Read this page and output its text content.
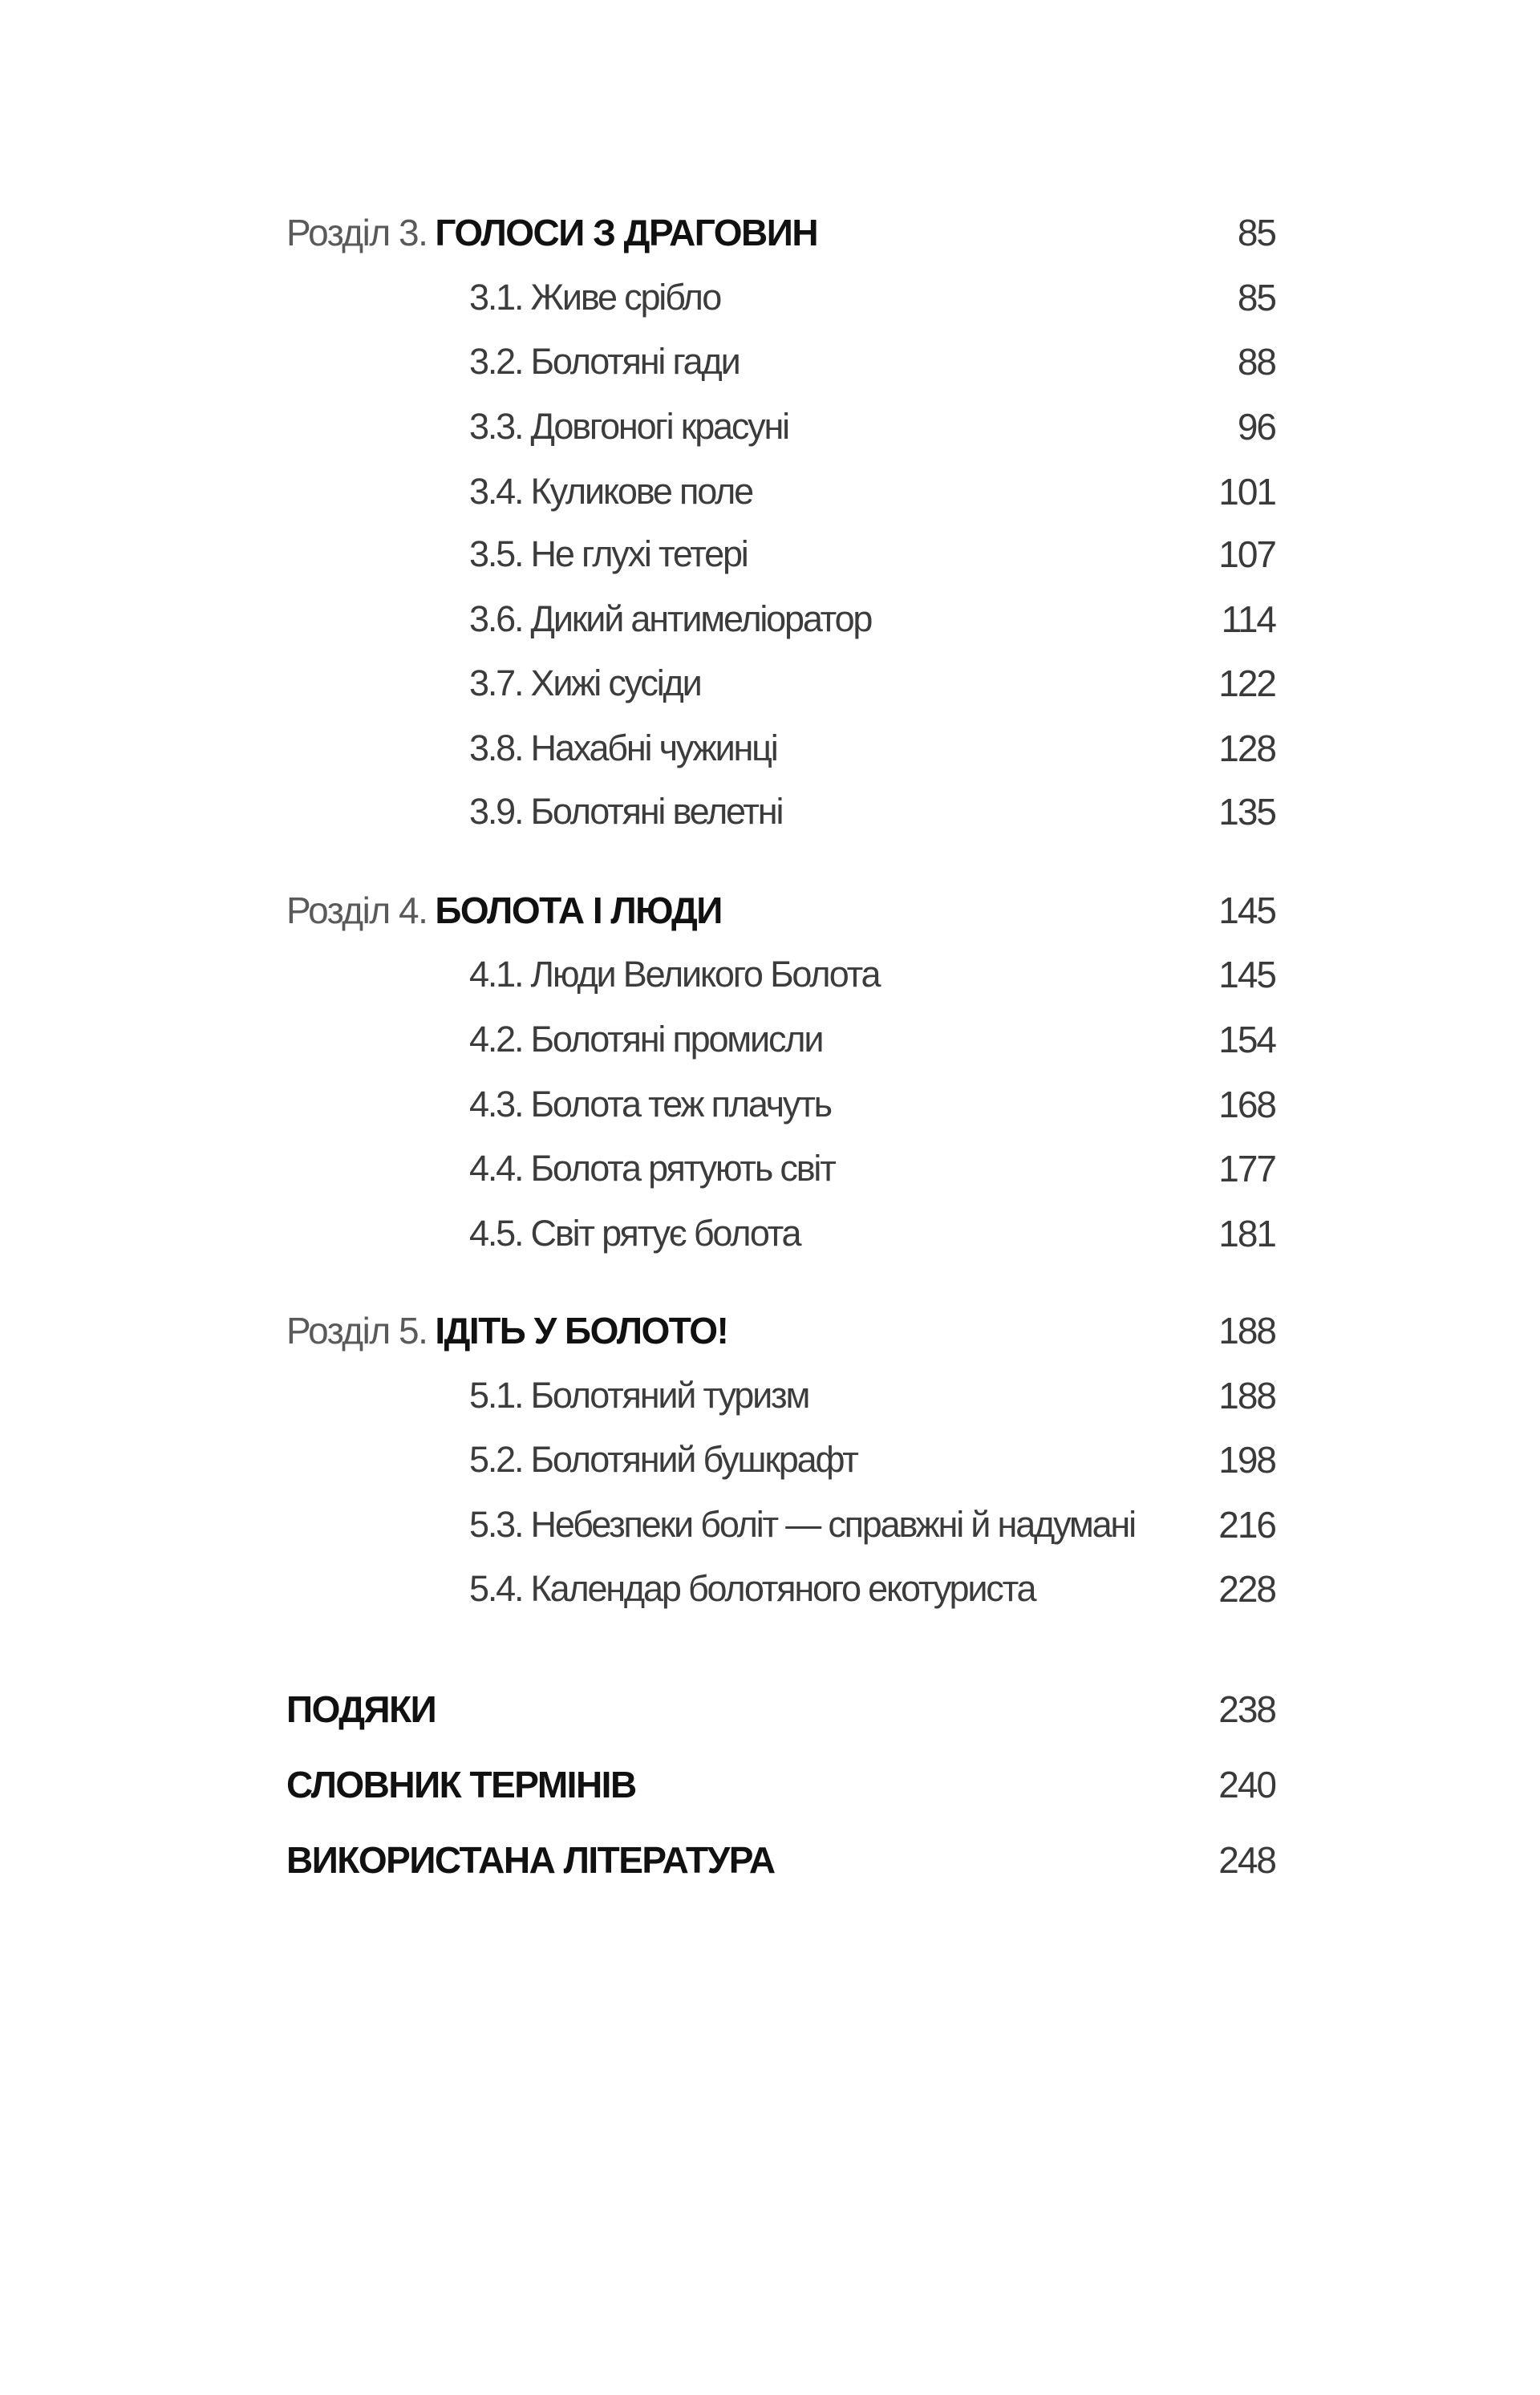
Розділ 3. ГОЛОСИ З ДРАГОВИН	85
3.1. Живе срібло	85
3.2. Болотяні гади	88
3.3. Довгоногі красуні	96
3.4. Куликове поле	101
3.5. Не глухі тетері	107
3.6. Дикий антимеліоратор	114
3.7. Хижі сусіди	122
3.8. Нахабні чужинці	128
3.9. Болотяні велетні	135
Розділ 4. БОЛОТА І ЛЮДИ	145
4.1. Люди Великого Болота	145
4.2. Болотяні промисли	154
4.3. Болота теж плачуть	168
4.4. Болота рятують світ	177
4.5. Світ рятує болота	181
Розділ 5. ІДІТЬ У БОЛОТО!	188
5.1. Болотяний туризм	188
5.2. Болотяний бушкрафт	198
5.3. Небезпеки боліт — справжні й надумані 216
5.4. Календар болотяного екотуриста	228
ПОДЯКИ	238
СЛОВНИК ТЕРМІНІВ	240
ВИКОРИСТАНА ЛІТЕРАТУРА	248
